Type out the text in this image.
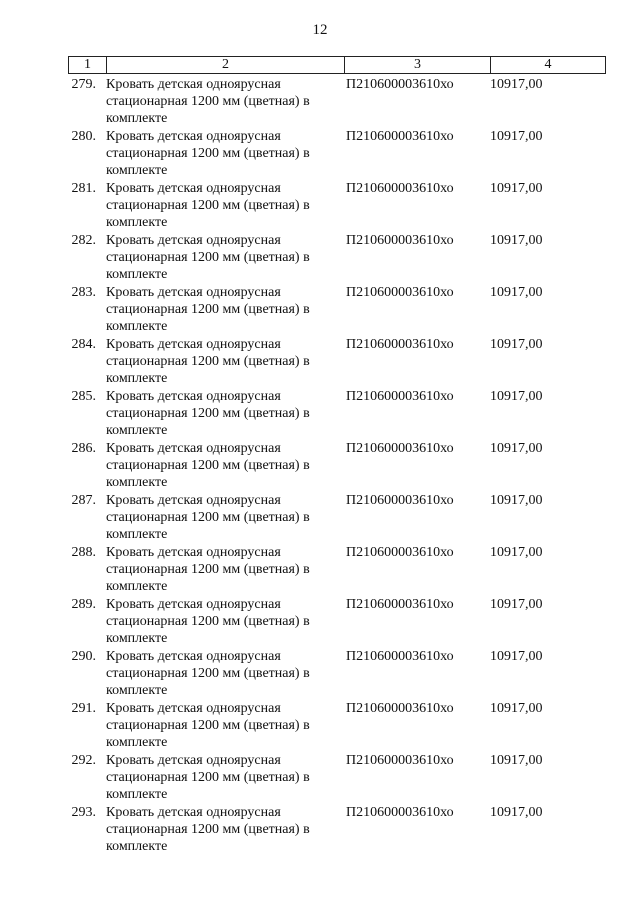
12
1	2	3	4
279. Кровать детская одноярусная
стационарная 1200 мм (цветная) в
комплекте
П210600003610хо	10917,00
280. Кровать детская одноярусная
стационарная 1200 мм (цветная) в
комплекте
П210600003610хо	10917,00
281. Кровать детская одноярусная
стационарная 1200 мм (цветная) в
комплекте
П210600003610хо	10917,00
282. Кровать детская одноярусная
стационарная 1200 мм (цветная) в
комплекте
П210600003610хо	10917,00
283. Кровать детская одноярусная
стационарная 1200 мм (цветная) в
комплекте
П210600003610хо	10917,00
284. Кровать детская одноярусная
стационарная 1200 мм (цветная) в
комплекте
П210600003610хо	10917,00
285. Кровать детская одноярусная
стационарная 1200 мм (цветная) в
комплекте
П210600003610хо	10917,00
286. Кровать детская одноярусная
стационарная 1200 мм (цветная) в
комплекте
П210600003610хо	10917,00
287. Кровать детская одноярусная
стационарная 1200 мм (цветная) в
комплекте
П210600003610хо	10917,00
288. Кровать детская одноярусная
стационарная 1200 мм (цветная) в
комплекте
П210600003610хо	10917,00
289. Кровать детская одноярусная
стационарная 1200 мм (цветная) в
комплекте
П210600003610хо	10917,00
290. Кровать детская одноярусная
стационарная 1200 мм (цветная) в
комплекте
П210600003610хо	10917,00
291. Кровать детская одноярусная
стационарная 1200 мм (цветная) в
комплекте
П210600003610хо	10917,00
292. Кровать детская одноярусная
стационарная 1200 мм (цветная) в
комплекте
П210600003610хо	10917,00
293. Кровать детская одноярусная
стационарная 1200 мм (цветная) в
комплекте
П210600003610хо	10917,00
